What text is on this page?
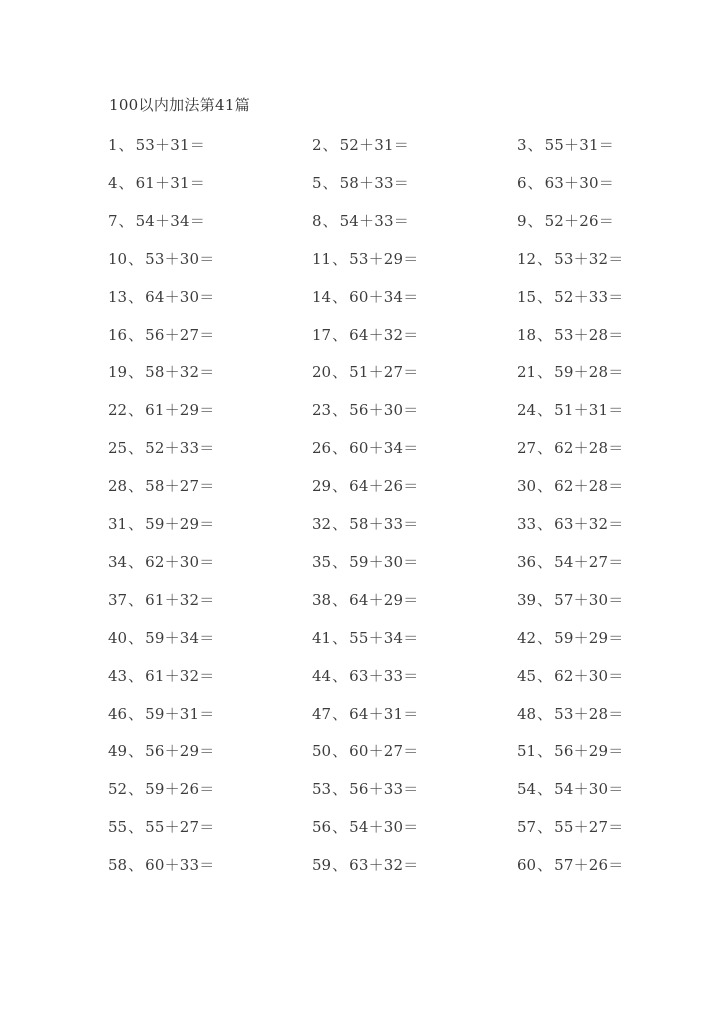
100以内加法第41篇
1、 53＋31＝	2、 52＋31＝	3、 55＋31＝
4、 61＋31＝	5、 58＋33＝	6、 63＋30＝
7、 54＋34＝	8、 54＋33＝	9、 52＋26＝
10、 53＋30＝	11、 53＋29＝	12、 53＋32＝
13、 64＋30＝	14、 60＋34＝	15、 52＋33＝
16、 56＋27＝	17、 64＋32＝	18、 53＋28＝
19、 58＋32＝	20、 51＋27＝	21、 59＋28＝
22、 61＋29＝	23、 56＋30＝	24、 51＋31＝
25、 52＋33＝	26、 60＋34＝	27、 62＋28＝
28、 58＋27＝	29、 64＋26＝	30、 62＋28＝
31、 59＋29＝	32、 58＋33＝	33、 63＋32＝
34、 62＋30＝	35、 59＋30＝	36、 54＋27＝
37、 61＋32＝	38、 64＋29＝	39、 57＋30＝
40、 59＋34＝	41、 55＋34＝	42、 59＋29＝
43、 61＋32＝	44、 63＋33＝	45、 62＋30＝
46、 59＋31＝	47、 64＋31＝	48、 53＋28＝
49、 56＋29＝	50、 60＋27＝	51、 56＋29＝
52、 59＋26＝	53、 56＋33＝	54、 54＋30＝
55、 55＋27＝	56、 54＋30＝	57、 55＋27＝
58、 60＋33＝	59、 63＋32＝	60、 57＋26＝
